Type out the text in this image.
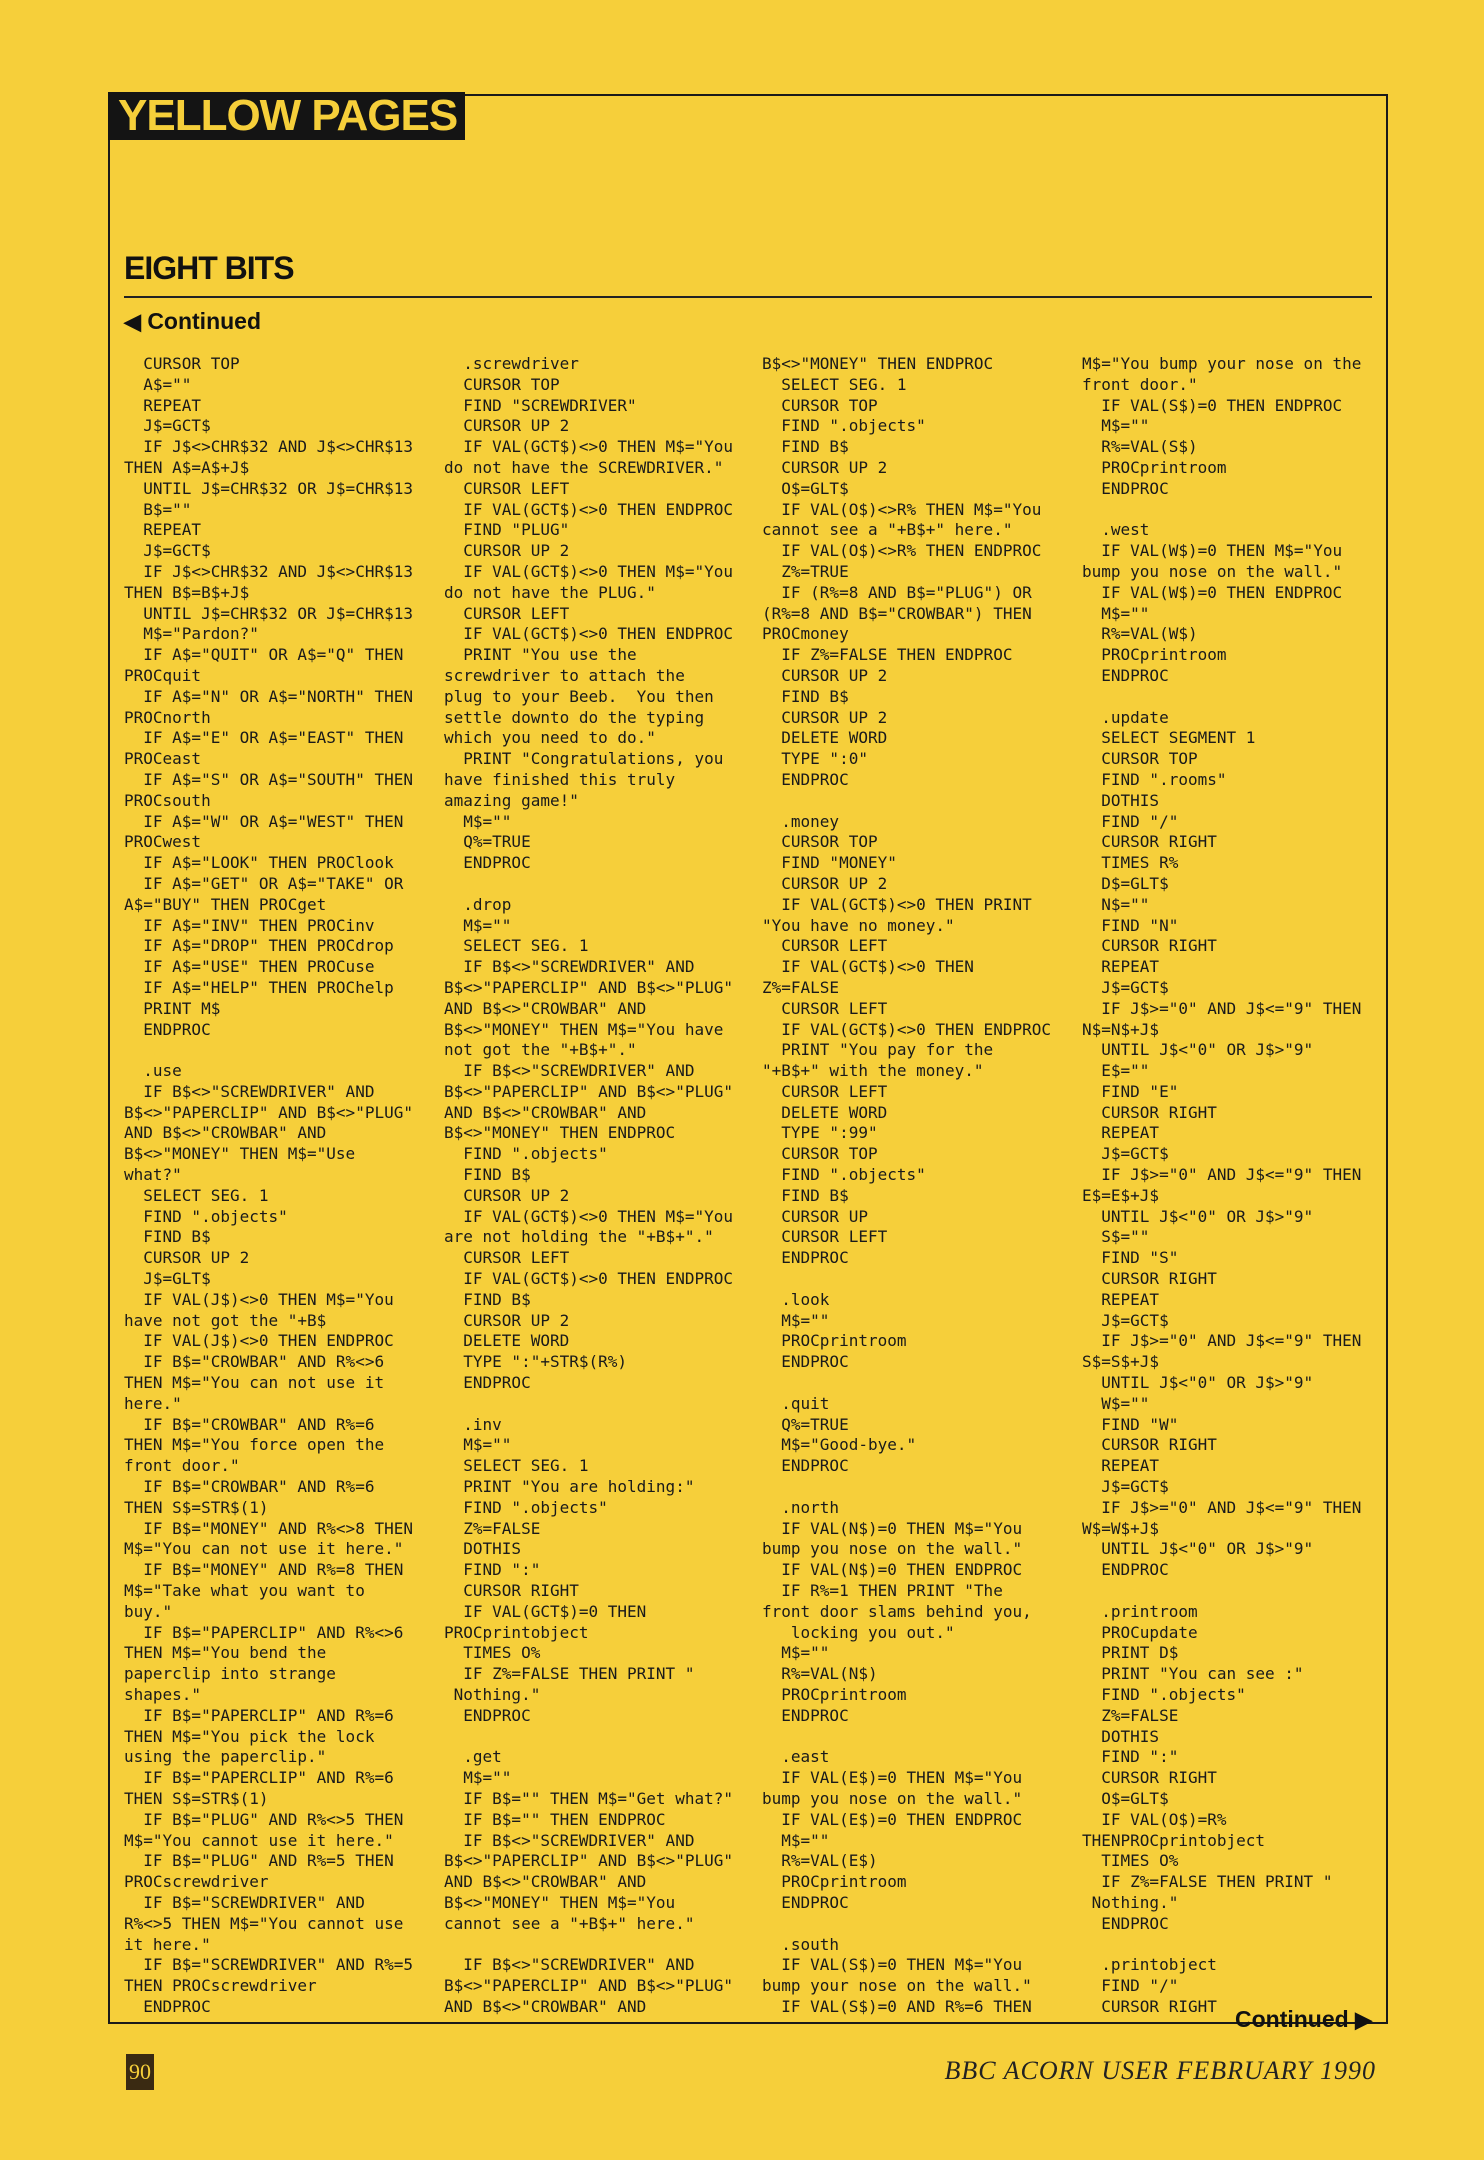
YELLOW PAGES
EIGHT BITS
◀ Continued
CURSOR TOP
A$=""
REPEAT
J$=GCT$
IF J$<>CHR$32 AND J$<>CHR$13
THEN A$=A$+J$
UNTIL J$=CHR$32 OR J$=CHR$13
B$=""
REPEAT
J$=GCT$
IF J$<>CHR$32 AND J$<>CHR$13
THEN B$=B$+J$
UNTIL J$=CHR$32 OR J$=CHR$13
M$="Pardon?"
IF A$="QUIT" OR A$="Q" THEN
PROCquit
IF A$="N" OR A$="NORTH" THEN
PROCnorth
IF A$="E" OR A$="EAST" THEN
PROCeast
IF A$="S" OR A$="SOUTH" THEN
PROCsouth
IF A$="W" OR A$="WEST" THEN
PROCwest
IF A$="LOOK" THEN PROClook
IF A$="GET" OR A$="TAKE" OR
A$="BUY" THEN PROCget
IF A$="INV" THEN PROCinv
IF A$="DROP" THEN PROCdrop
IF A$="USE" THEN PROCuse
IF A$="HELP" THEN PROChelp
PRINT M$
ENDPROC

.use
IF B$<>"SCREWDRIVER" AND
B$<>"PAPERCLIP" AND B$<>"PLUG"
AND B$<>"CROWBAR" AND
B$<>"MONEY" THEN M$="Use
what?"
SELECT SEG. 1
FIND ".objects"
FIND B$
CURSOR UP 2
J$=GLT$
IF VAL(J$)<>0 THEN M$="You
have not got the "+B$
IF VAL(J$)<>0 THEN ENDPROC
IF B$="CROWBAR" AND R%<>6
THEN M$="You can not use it
here."
IF B$="CROWBAR" AND R%=6
THEN M$="You force open the
front door."
IF B$="CROWBAR" AND R%=6
THEN S$=STR$(1)
IF B$="MONEY" AND R%<>8 THEN
M$="You can not use it here."
IF B$="MONEY" AND R%=8 THEN
M$="Take what you want to
buy."
IF B$="PAPERCLIP" AND R%<>6
THEN M$="You bend the
paperclip into strange
shapes."
IF B$="PAPERCLIP" AND R%=6
THEN M$="You pick the lock
using the paperclip."
IF B$="PAPERCLIP" AND R%=6
THEN S$=STR$(1)
IF B$="PLUG" AND R%<>5 THEN
M$="You cannot use it here."
IF B$="PLUG" AND R%=5 THEN
PROCscrewdriver
IF B$="SCREWDRIVER" AND
R%<>5 THEN M$="You cannot use
it here."
IF B$="SCREWDRIVER" AND R%=5
THEN PROCscrewdriver
ENDPROC
.screwdriver
CURSOR TOP
FIND "SCREWDRIVER"
CURSOR UP 2
IF VAL(GCT$)<>0 THEN M$="You
do not have the SCREWDRIVER."
CURSOR LEFT
IF VAL(GCT$)<>0 THEN ENDPROC
FIND "PLUG"
CURSOR UP 2
IF VAL(GCT$)<>0 THEN M$="You
do not have the PLUG."
CURSOR LEFT
IF VAL(GCT$)<>0 THEN ENDPROC
PRINT "You use the
screwdriver to attach the
plug to your Beeb.  You then
settle downto do the typing
which you need to do."
PRINT "Congratulations, you
have finished this truly
amazing game!"
M$=""
Q%=TRUE
ENDPROC

.drop
M$=""
SELECT SEG. 1
IF B$<>"SCREWDRIVER" AND
B$<>"PAPERCLIP" AND B$<>"PLUG"
AND B$<>"CROWBAR" AND
B$<>"MONEY" THEN M$="You have
not got the "+B$+"."
IF B$<>"SCREWDRIVER" AND
B$<>"PAPERCLIP" AND B$<>"PLUG"
AND B$<>"CROWBAR" AND
B$<>"MONEY" THEN ENDPROC
FIND ".objects"
FIND B$
CURSOR UP 2
IF VAL(GCT$)<>0 THEN M$="You
are not holding the "+B$+"."
CURSOR LEFT
IF VAL(GCT$)<>0 THEN ENDPROC
FIND B$
CURSOR UP 2
DELETE WORD
TYPE ":"+STR$(R%)
ENDPROC

.inv
M$=""
SELECT SEG. 1
PRINT "You are holding:"
FIND ".objects"
Z%=FALSE
DOTHIS
FIND ":"
CURSOR RIGHT
IF VAL(GCT$)=0 THEN
PROCprintobject
TIMES O%
IF Z%=FALSE THEN PRINT "
Nothing."
ENDPROC

.get
M$=""
IF B$="" THEN M$="Get what?"
IF B$="" THEN ENDPROC
IF B$<>"SCREWDRIVER" AND
B$<>"PAPERCLIP" AND B$<>"PLUG"
AND B$<>"CROWBAR" AND
B$<>"MONEY" THEN M$="You
cannot see a "+B$+" here."

IF B$<>"SCREWDRIVER" AND
B$<>"PAPERCLIP" AND B$<>"PLUG"
AND B$<>"CROWBAR" AND
B$<>"MONEY" THEN ENDPROC
SELECT SEG. 1
CURSOR TOP
FIND ".objects"
FIND B$
CURSOR UP 2
O$=GLT$
IF VAL(O$)<>R% THEN M$="You
cannot see a "+B$+" here."
IF VAL(O$)<>R% THEN ENDPROC
Z%=TRUE
IF (R%=8 AND B$="PLUG") OR
(R%=8 AND B$="CROWBAR") THEN
PROCmoney
IF Z%=FALSE THEN ENDPROC
CURSOR UP 2
FIND B$
CURSOR UP 2
DELETE WORD
TYPE ":0"
ENDPROC

.money
CURSOR TOP
FIND "MONEY"
CURSOR UP 2
IF VAL(GCT$)<>0 THEN PRINT
"You have no money."
CURSOR LEFT
IF VAL(GCT$)<>0 THEN
Z%=FALSE
CURSOR LEFT
IF VAL(GCT$)<>0 THEN ENDPROC
PRINT "You pay for the
"+B$+" with the money."
CURSOR LEFT
DELETE WORD
TYPE ":99"
CURSOR TOP
FIND ".objects"
FIND B$
CURSOR UP
CURSOR LEFT
ENDPROC

.look
M$=""
PROCprintroom
ENDPROC

.quit
Q%=TRUE
M$="Good-bye."
ENDPROC

.north
IF VAL(N$)=0 THEN M$="You
bump you nose on the wall."
IF VAL(N$)=0 THEN ENDPROC
IF R%=1 THEN PRINT "The
front door slams behind you,
locking you out."
M$=""
R%=VAL(N$)
PROCprintroom
ENDPROC

.east
IF VAL(E$)=0 THEN M$="You
bump you nose on the wall."
IF VAL(E$)=0 THEN ENDPROC
M$=""
R%=VAL(E$)
PROCprintroom
ENDPROC

.south
IF VAL(S$)=0 THEN M$="You
bump your nose on the wall."
IF VAL(S$)=0 AND R%=6 THEN
M$="You bump your nose on the
front door."
IF VAL(S$)=0 THEN ENDPROC
M$=""
R%=VAL(S$)
PROCprintroom
ENDPROC

.west
IF VAL(W$)=0 THEN M$="You
bump you nose on the wall."
IF VAL(W$)=0 THEN ENDPROC
M$=""
R%=VAL(W$)
PROCprintroom
ENDPROC

.update
SELECT SEGMENT 1
CURSOR TOP
FIND ".rooms"
DOTHIS
FIND "/"
CURSOR RIGHT
TIMES R%
D$=GLT$
N$=""
FIND "N"
CURSOR RIGHT
REPEAT
J$=GCT$
IF J$>="0" AND J$<="9" THEN
N$=N$+J$
UNTIL J$<"0" OR J$>"9"
E$=""
FIND "E"
CURSOR RIGHT
REPEAT
J$=GCT$
IF J$>="0" AND J$<="9" THEN
E$=E$+J$
UNTIL J$<"0" OR J$>"9"
S$=""
FIND "S"
CURSOR RIGHT
REPEAT
J$=GCT$
IF J$>="0" AND J$<="9" THEN
S$=S$+J$
UNTIL J$<"0" OR J$>"9"
W$=""
FIND "W"
CURSOR RIGHT
REPEAT
J$=GCT$
IF J$>="0" AND J$<="9" THEN
W$=W$+J$
UNTIL J$<"0" OR J$>"9"
ENDPROC

.printroom
PROCupdate
PRINT D$
PRINT "You can see :"
FIND ".objects"
Z%=FALSE
DOTHIS
FIND ":"
CURSOR RIGHT
O$=GLT$
IF VAL(O$)=R%
THENPROCprintobject
TIMES O%
IF Z%=FALSE THEN PRINT "
Nothing."
ENDPROC

.printobject
FIND "/"
CURSOR RIGHT Continued ▶
90	BBC ACORN USER FEBRUARY 1990
